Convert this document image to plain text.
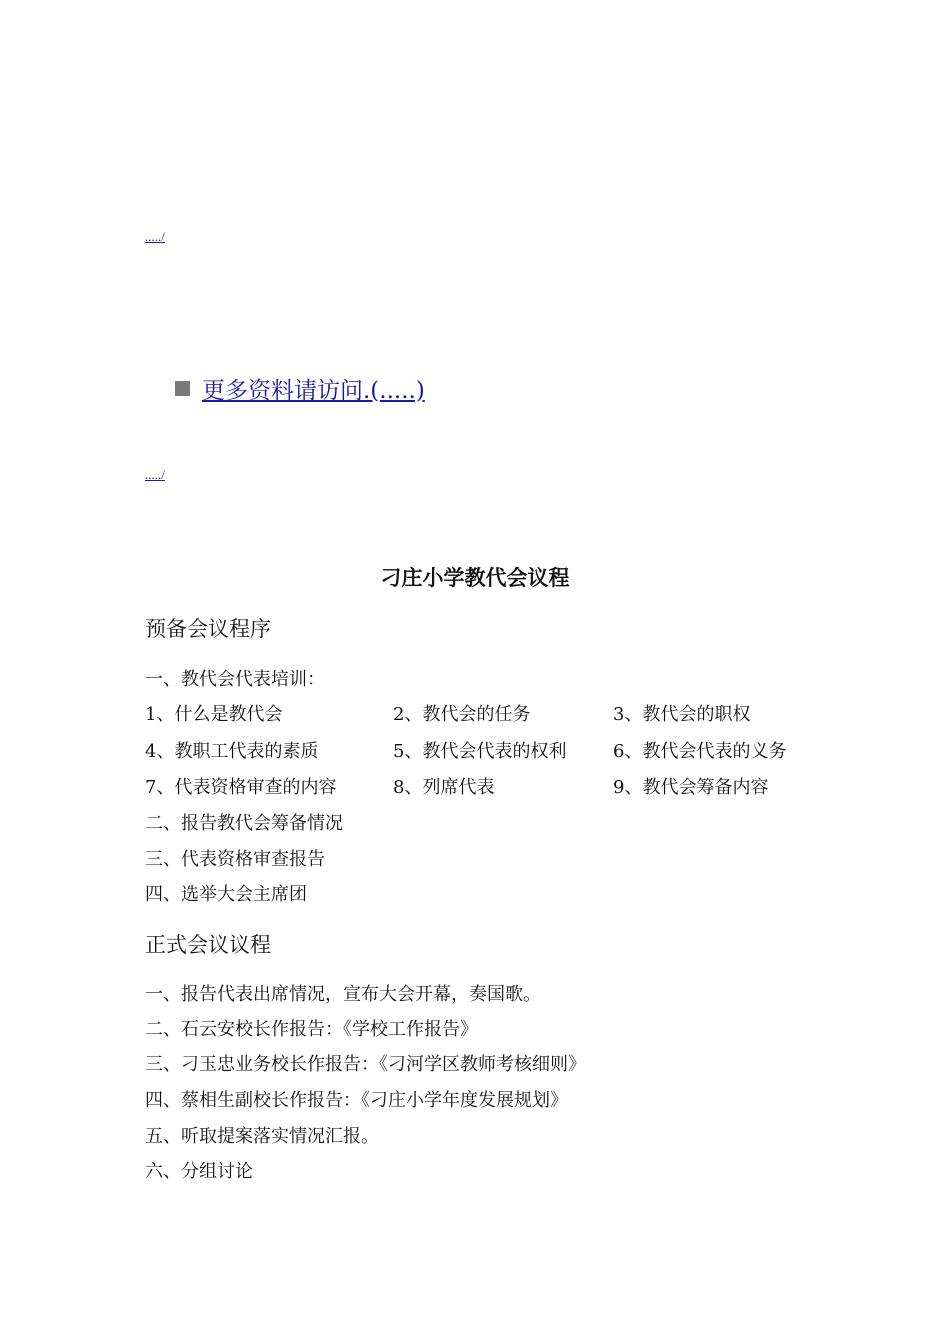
...../
更多资料请访问.(.....)
...../
刁庄小学教代会议程
预备会议程序
一、教代会代表培训：
1、什么是教代会	2、教代会的任务	3、教代会的职权
4、教职工代表的素质	5、教代会代表的权利	6、教代会代表的义务
7、代表资格审查的内容	8、列席代表	9、教代会筹备内容
二、报告教代会筹备情况
三、代表资格审查报告
四、选举大会主席团
正式会议议程
一、报告代表出席情况，宣布大会开幕，奏国歌。
二、石云安校长作报告：《学校工作报告》
三、刁玉忠业务校长作报告：《刁河学区教师考核细则》
四、蔡相生副校长作报告：《刁庄小学年度发展规划》
五、听取提案落实情况汇报。
六、分组讨论
